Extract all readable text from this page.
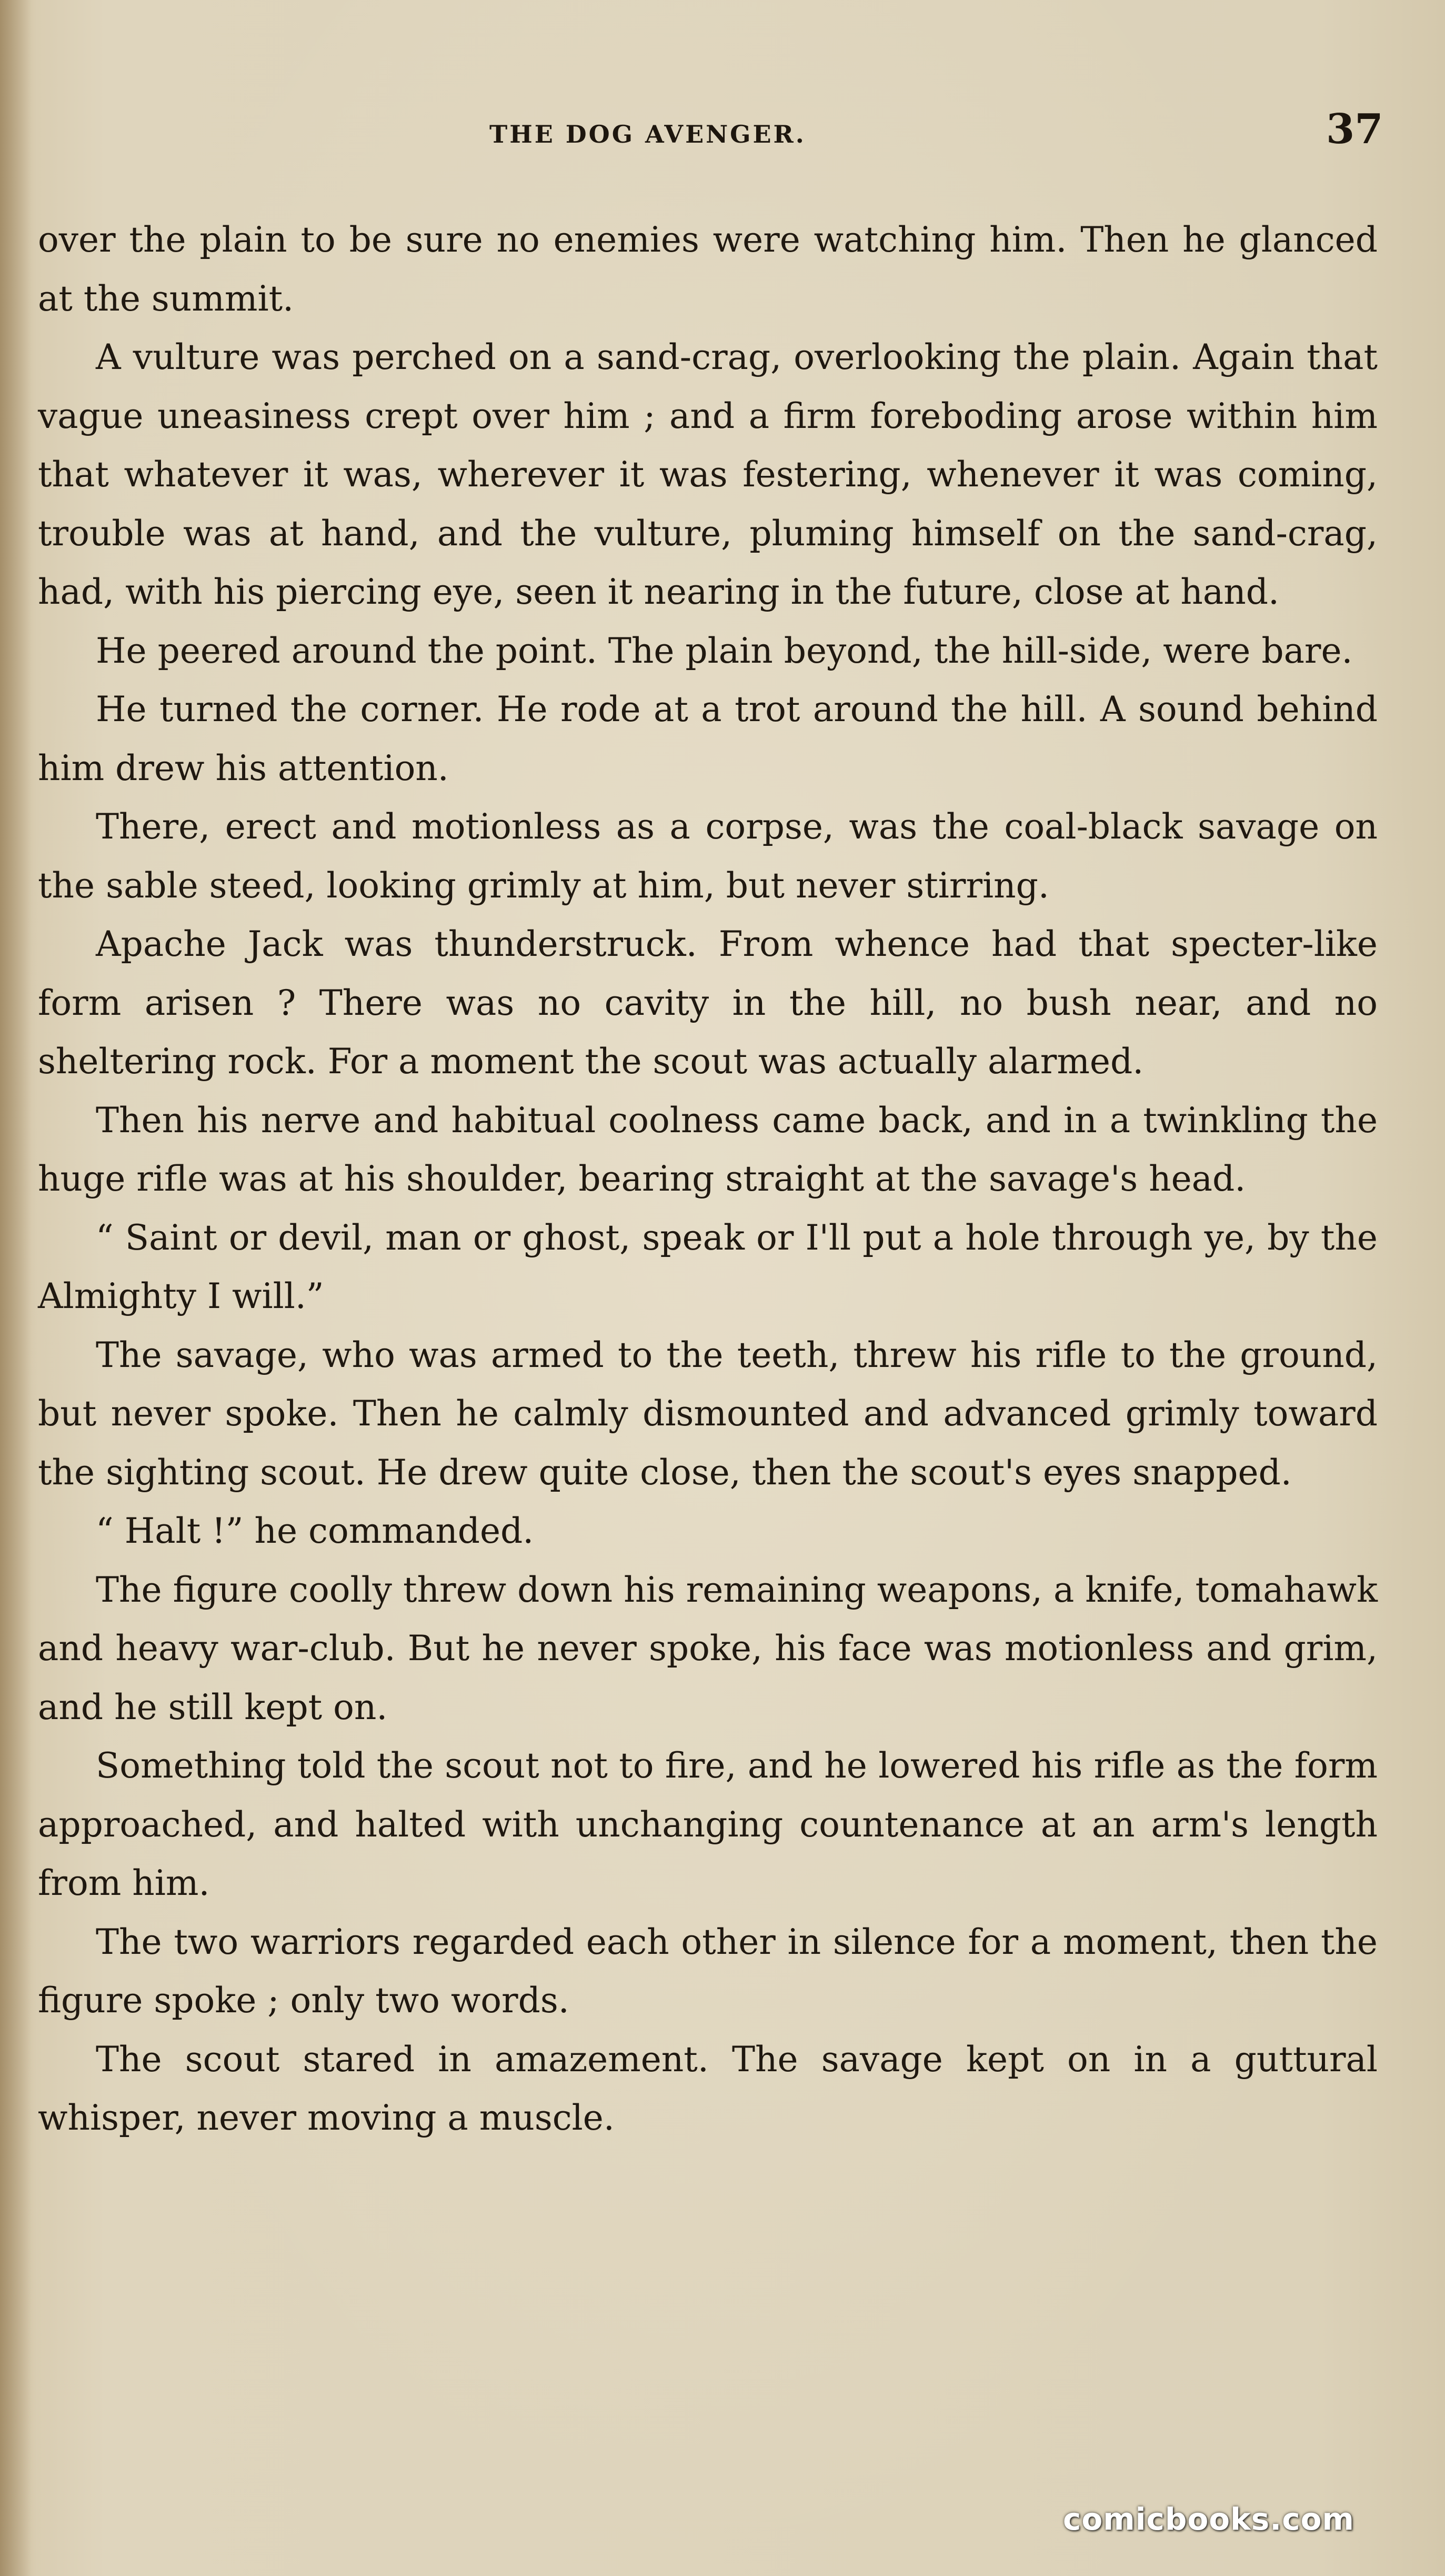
THE DOG AVENGER.	37

over the plain to be sure no enemies were watching him. Then he glanced at the summit.

A vulture was perched on a sand-crag, overlooking the plain. Again that vague uneasiness crept over him ; and a firm foreboding arose within him that whatever it was, wherever it was festering, whenever it was coming, trouble was at hand, and the vulture, pluming himself on the sand-crag, had, with his piercing eye, seen it nearing in the future, close at hand.

He peered around the point. The plain beyond, the hill-side, were bare.

He turned the corner. He rode at a trot around the hill. A sound behind him drew his attention.

There, erect and motionless as a corpse, was the coal-black savage on the sable steed, looking grimly at him, but never stirring.

Apache Jack was thunderstruck. From whence had that specter-like form arisen ? There was no cavity in the hill, no bush near, and no sheltering rock. For a moment the scout was actually alarmed.

Then his nerve and habitual coolness came back, and in a twinkling the huge rifle was at his shoulder, bearing straight at the savage's head.

“ Saint or devil, man or ghost, speak or I'll put a hole through ye, by the Almighty I will.”

The savage, who was armed to the teeth, threw his rifle to the ground, but never spoke. Then he calmly dismounted and advanced grimly toward the sighting scout. He drew quite close, then the scout's eyes snapped.

“ Halt !” he commanded.

The figure coolly threw down his remaining weapons, a knife, tomahawk and heavy war-club. But he never spoke, his face was motionless and grim, and he still kept on.

Something told the scout not to fire, and he lowered his rifle as the form approached, and halted with unchanging countenance at an arm's length from him.

The two warriors regarded each other in silence for a moment, then the figure spoke ; only two words.

The scout stared in amazement. The savage kept on in a guttural whisper, never moving a muscle.

comicbooks.com
